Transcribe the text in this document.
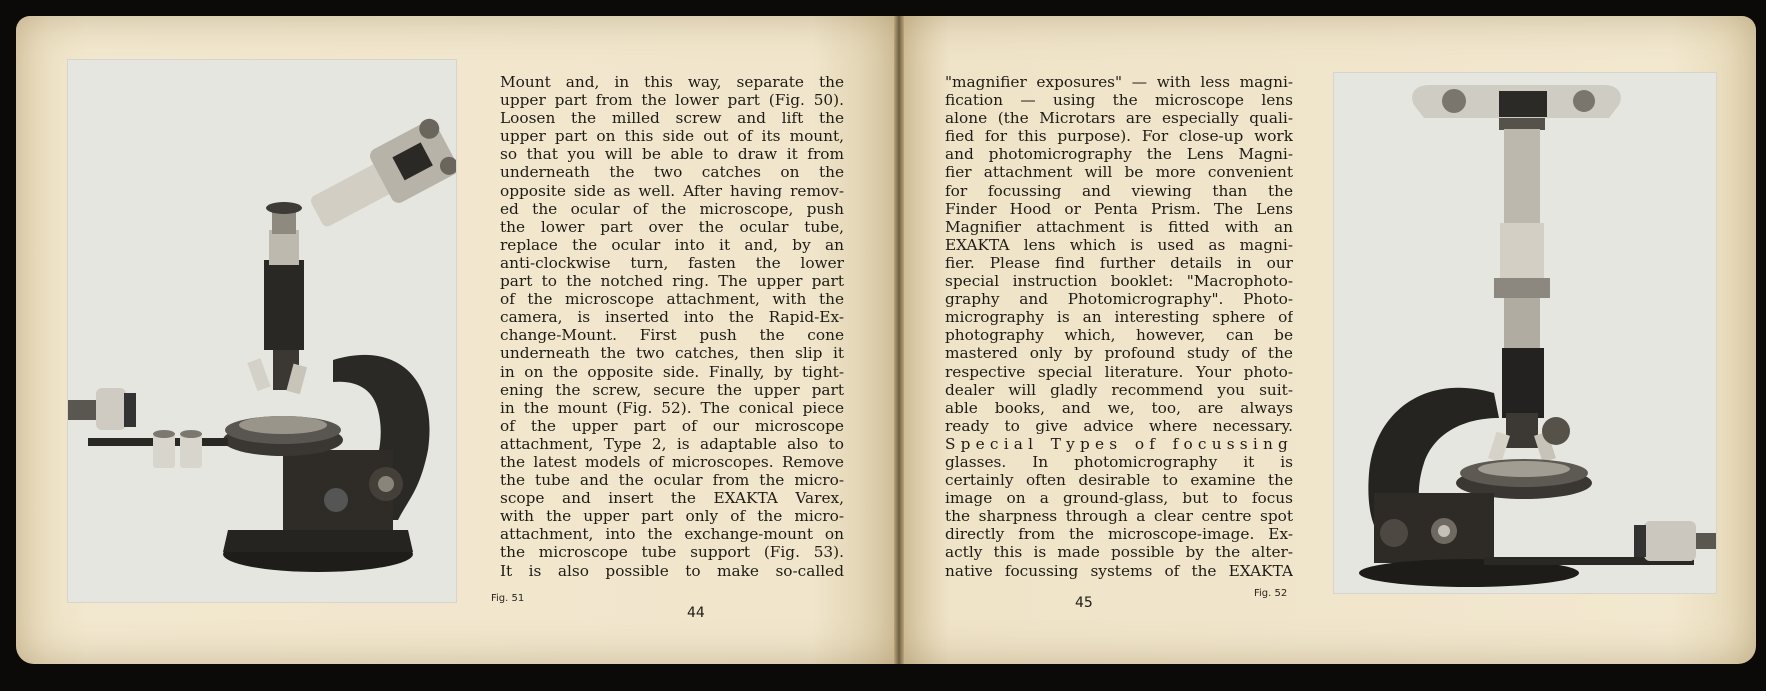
Mount and, in this way, separate the
upper part from the lower part (Fig. 50).
Loosen the milled screw and lift the
upper part on this side out of its mount,
so that you will be able to draw it from
underneath the two catches on the
opposite side as well. After having remov-
ed the ocular of the microscope, push
the lower part over the ocular tube,
replace the ocular into it and, by an
anti-clockwise turn, fasten the lower
part to the notched ring. The upper part
of the microscope attachment, with the
camera, is inserted into the Rapid-Ex-
change-Mount. First push the cone
underneath the two catches, then slip it
in on the opposite side. Finally, by tight-
ening the screw, secure the upper part
in the mount (Fig. 52). The conical piece
of the upper part of our microscope
attachment, Type 2, is adaptable also to
the latest models of microscopes. Remove
the tube and the ocular from the micro-
scope and insert the EXAKTA Varex,
with the upper part only of the micro-
attachment, into the exchange-mount on
the microscope tube support (Fig. 53).
It is also possible to make so-called
Fig. 51
44
"magnifier exposures" — with less magni-
fication — using the microscope lens
alone (the Microtars are especially quali-
fied for this purpose). For close-up work
and photomicrography the Lens Magni-
fier attachment will be more convenient
for focussing and viewing than the
Finder Hood or Penta Prism. The Lens
Magnifier attachment is fitted with an
EXAKTA lens which is used as magni-
fier. Please find further details in our
special instruction booklet: "Macrophoto-
graphy and Photomicrography". Photo-
micrography is an interesting sphere of
photography which, however, can be
mastered only by profound study of the
respective special literature. Your photo-
dealer will gladly recommend you suit-
able books, and we, too, are always
ready to give advice where necessary.
Special Types of focussing
glasses. In photomicrography it is
certainly often desirable to examine the
image on a ground-glass, but to focus
the sharpness through a clear centre spot
directly from the microscope-image. Ex-
actly this is made possible by the alter-
native focussing systems of the EXAKTA
Fig. 52
45
